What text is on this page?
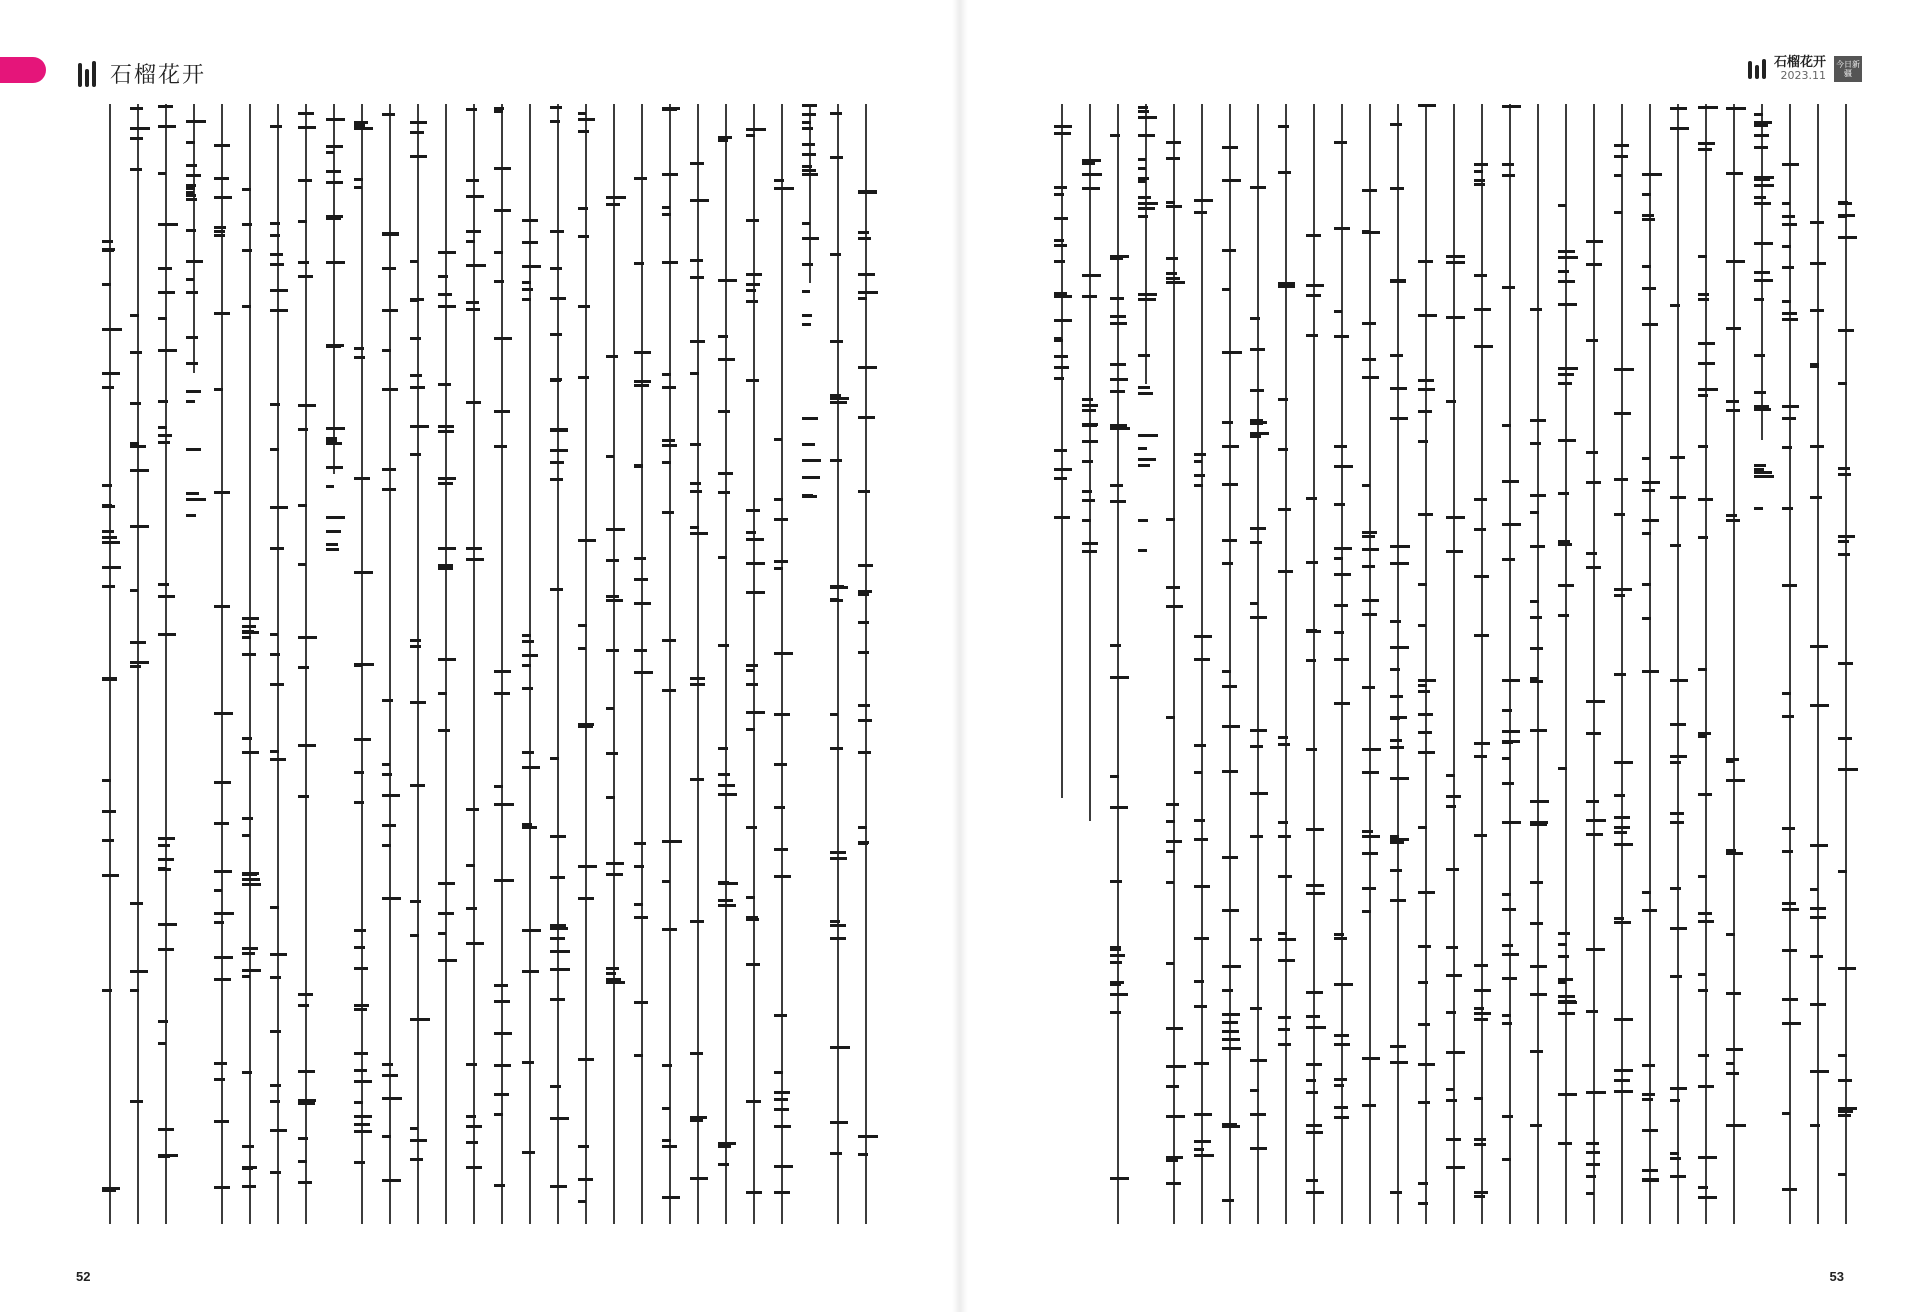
石榴花开
52
石榴花开
2023.11
今日新疆
53
